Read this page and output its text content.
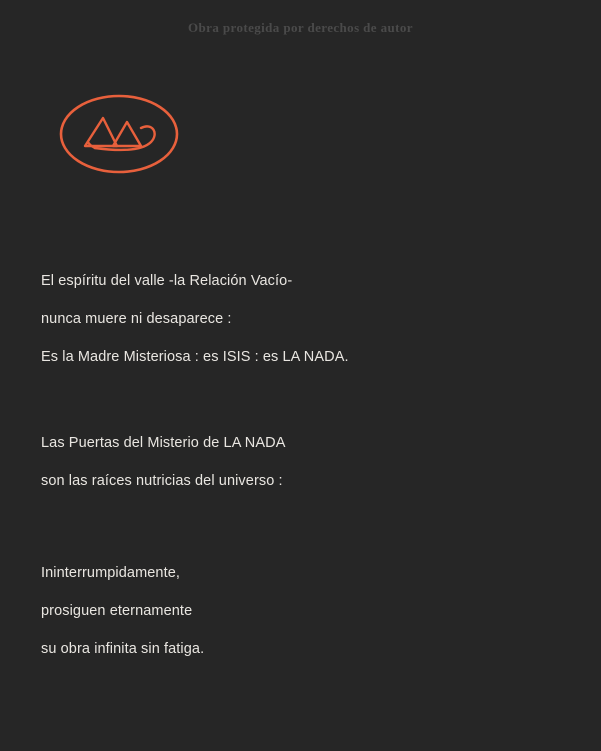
Obra protegida por derechos de autor
El espíritu del valle -la Relación Vacío-
nunca muere ni desaparece :
Es la Madre Misteriosa : es ISIS : es LA NADA.
Las Puertas del Misterio de LA NADA
son las raíces nutricias del universo :
Ininterrumpidamente,
prosiguen eternamente
su obra infinita sin fatiga.
